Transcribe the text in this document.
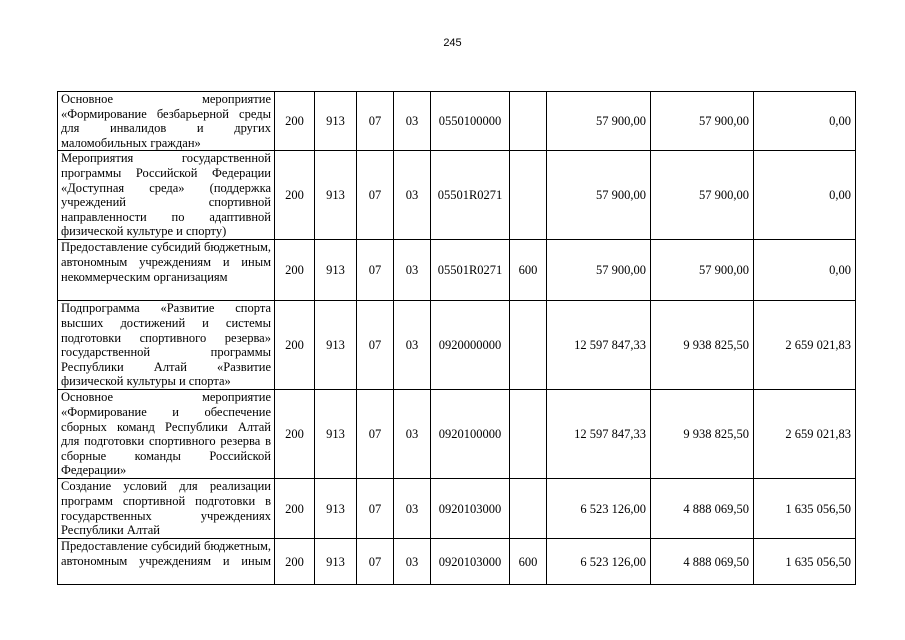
245
Основное мероприятие «Формирование безбарьерной среды для инвалидов и других маломобильных граждан»	200	913	07	03	0550100000		57 900,00	57 900,00	0,00
Мероприятия государственной программы Российской Федерации «Доступная среда» (поддержка учреждений спортивной направленности по адаптивной физической культуре и спорту)	200	913	07	03	05501R0271		57 900,00	57 900,00	0,00
Предоставление субсидий бюджетным, автономным учреждениям и иным некоммерческим организациям	200	913	07	03	05501R0271	600	57 900,00	57 900,00	0,00
Подпрограмма «Развитие спорта высших достижений и системы подготовки спортивного резерва» государственной программы Республики Алтай «Развитие физической культуры и спорта»	200	913	07	03	0920000000		12 597 847,33	9 938 825,50	2 659 021,83
Основное мероприятие «Формирование и обеспечение сборных команд Республики Алтай для подготовки спортивного резерва в сборные команды Российской Федерации»	200	913	07	03	0920100000		12 597 847,33	9 938 825,50	2 659 021,83
Создание условий для реализации программ спортивной подготовки в государственных учреждениях Республики Алтай	200	913	07	03	0920103000		6 523 126,00	4 888 069,50	1 635 056,50
Предоставление субсидий бюджетным, автономным учреждениям и иным	200	913	07	03	0920103000	600	6 523 126,00	4 888 069,50	1 635 056,50
